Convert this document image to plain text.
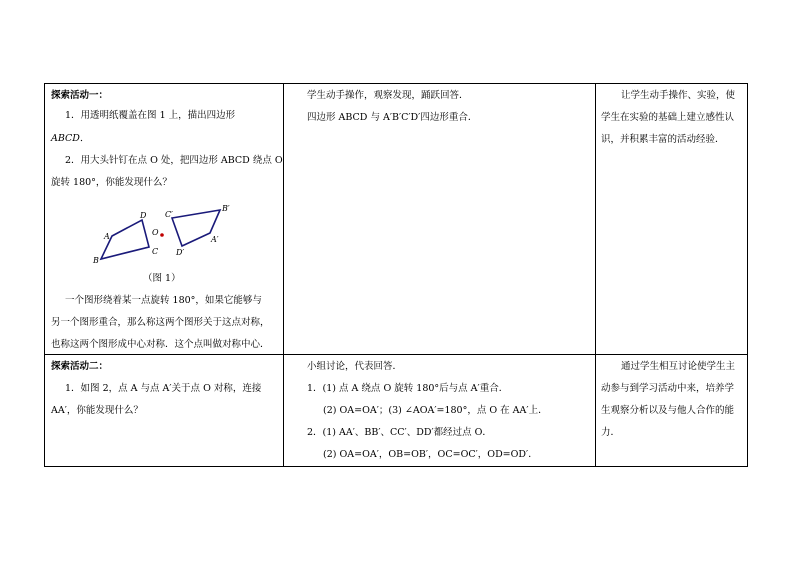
探索活动一：
1．用透明纸覆盖在图 1 上，描出四边形
ABCD．
2．用大头针钉在点 O 处，把四边形 ABCD 绕点 O
旋转 180°，你能发现什么？
A
B
C
D
O
A′
B′
C′
D′
（图 1）
一个图形绕着某一点旋转 180°，如果它能够与
另一个图形重合，那么称这两个图形关于这点对称，
也称这两个图形成中心对称．这个点叫做对称中心．
学生动手操作，观察发现，踊跃回答．
四边形 ABCD 与 A′B′C′D′四边形重合．
让学生动手操作、实验，使
学生在实验的基础上建立感性认
识，并积累丰富的活动经验．
探索活动二：
1．如图 2，点 A 与点 A′关于点 O 对称，连接
AA′，你能发现什么？
小组讨论，代表回答．
1．(1) 点 A 绕点 O 旋转 180°后与点 A′重合．
(2) OA=OA′；(3) ∠AOA′=180°，点 O 在 AA′上．
2．(1) AA′、BB′、CC′、DD′都经过点 O．
(2) OA=OA′，OB=OB′，OC=OC′，OD=OD′．
通过学生相互讨论使学生主
动参与到学习活动中来，培养学
生观察分析以及与他人合作的能
力．
